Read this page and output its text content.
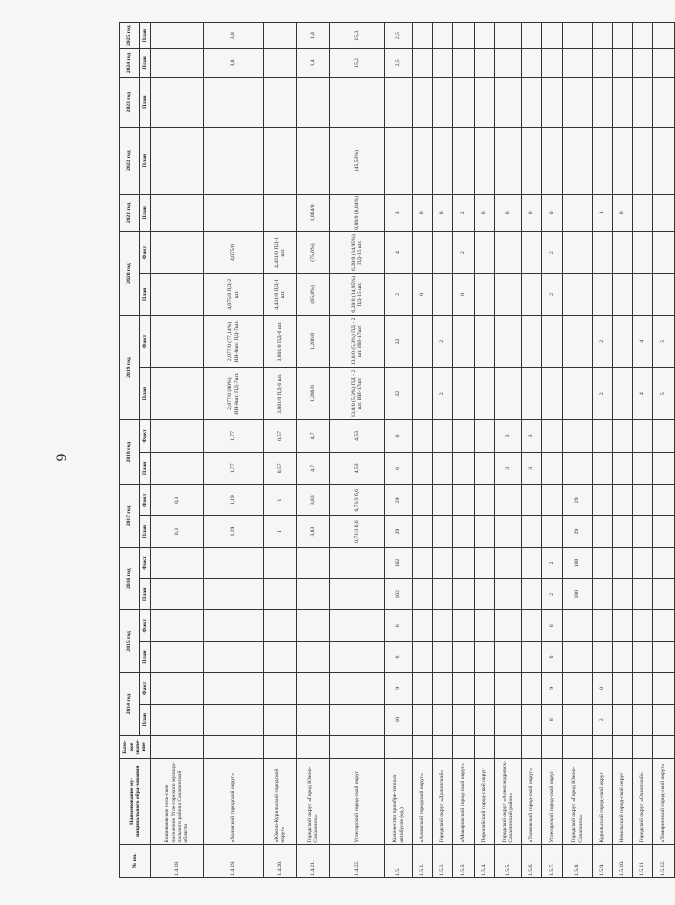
6
№ пп.	Наименование му-ниципального обра-зования	Базо-вое значе-ние	2014 год		2015 год		2016 год		2017 год		2018 год		2019 год		2020 год		2021 год	2022 год	2023 год	2024 год	2025 год
			План	Факт	План	Факт	План	Факт	План	Факт	План	Факт	План	Факт	План	Факт	План	План	План	План	План
1.4.18.	Бошняковское сель-ское поселение Угле-горского муници-пального района Сахалинской области								0,3	0,3											
1.4.19.	«Холмский городской округ»								1,19	1,19	1,77	1,77	2,077/0 (80%) ИИ-8шт. ПД-7шт.	2,077/0 (77,14%) ИИ-8шт. ПД-7шт.	4,075/0 ПД-2 шт.	4,075/0				3,8	3,8
1.4.20.	«Южно-Курильский городской округ»								1	1	0,57	0,57	3,801/0 ПД-6 шт.	3,801/0 ПД-6 шт.	4,431/0 ПД-1 шт.	4,431/0 ПД-1 шт.					
1.4.21.	Городской округ «Город Южно-Сахалинск»								3,83	3,83	4,7	4,7	1,206/0	1,206/0	(65,8%)	(75,6%)	1,064/0			1,4	1,4
1.4.22.	Углегорский город-ской округ								0,71/3 6,6	0,71/3 6,6	4,53	4,53	13,8/0 (5,3%) ПД - 2 шт. ИИ-17шт	13,8/0 (5,3%) ПД - 2 шт. ИИ-17шт	6,28/0 (14,95%) ПД-15 шт.	6,28/0 (14,95%) ПД-15 шт.	0,88/0 (8,04%)	(45,53%)		15,2	15,3
1.5.	Количество приобре-тенных автобусов (ед.)		10	9	6	6	102	102	29	29	6	6	32	32	2	4	3			2,5	2,5
1.5.1.	«Анивский городской округ»														0		0				
1.5.2.	Городской округ «Долинский»												2	2			0				
1.5.3.	«Макаровский город-ской округ»														0	2	2				
1.5.4.	Поронайский город-ской округ																0				
1.5.5.	Городской округ «Александровск-Сахалинский район»										3	3					0				
1.5.6.	«Тымовский город-ской округ»										3	3					0				
1.5.7.	Углегорский город-ской округ		8	9	6	6	2	2							2	2	0				
1.5.8.	Городской округ «Город Южно-Сахалинск»						100	100	29	29											
1.5.9.	Курильский город-ской округ		2	0									2	2			1				
1.5.10.	Невельский город-ской округ																0				
1.5.11	Городской округ «Охинский»												4	4							
1.5.12.	«Томаринский город-ской округ»												5	5							
